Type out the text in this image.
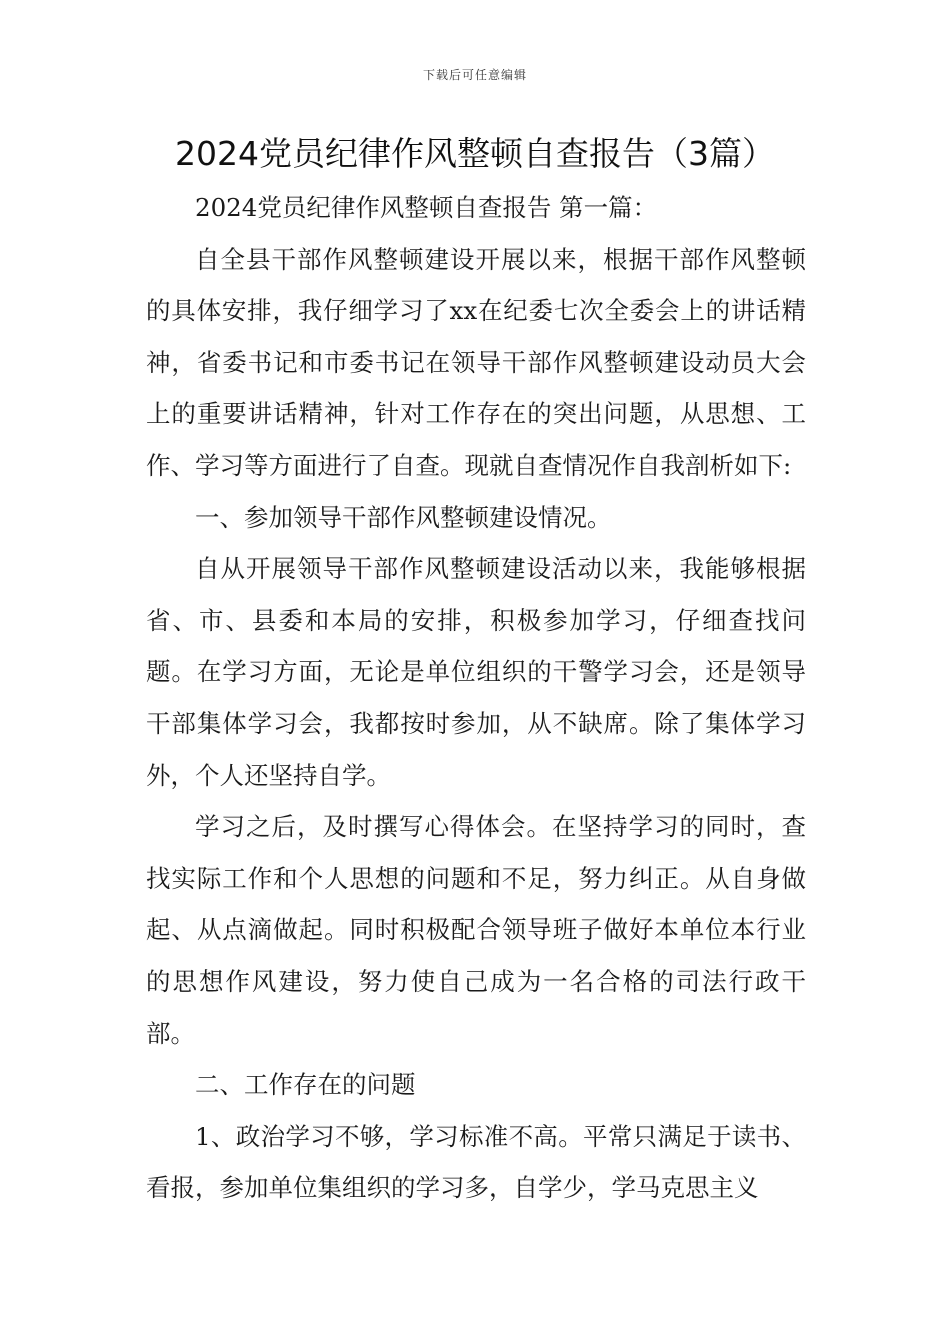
下载后可任意编辑
2024党员纪律作风整顿自查报告（3篇）

2024党员纪律作风整顿自查报告 第一篇：

自全县干部作风整顿建设开展以来，根据干部作风整顿的具体安排，我仔细学习了xx在纪委七次全委会上的讲话精神，省委书记和市委书记在领导干部作风整顿建设动员大会上的重要讲话精神，针对工作存在的突出问题，从思想、工作、学习等方面进行了自查。现就自查情况作自我剖析如下:

一、参加领导干部作风整顿建设情况。

自从开展领导干部作风整顿建设活动以来，我能够根据省、市、县委和本局的安排，积极参加学习，仔细查找问题。在学习方面，无论是单位组织的干警学习会，还是领导干部集体学习会，我都按时参加，从不缺席。除了集体学习外，个人还坚持自学。

学习之后，及时撰写心得体会。在坚持学习的同时，查找实际工作和个人思想的问题和不足，努力纠正。从自身做起、从点滴做起。同时积极配合领导班子做好本单位本行业的思想作风建设，努力使自己成为一名合格的司法行政干部。

二、工作存在的问题

1、政治学习不够，学习标准不高。平常只满足于读书、看报，参加单位集组织的学习多，自学少，学马克思主义
